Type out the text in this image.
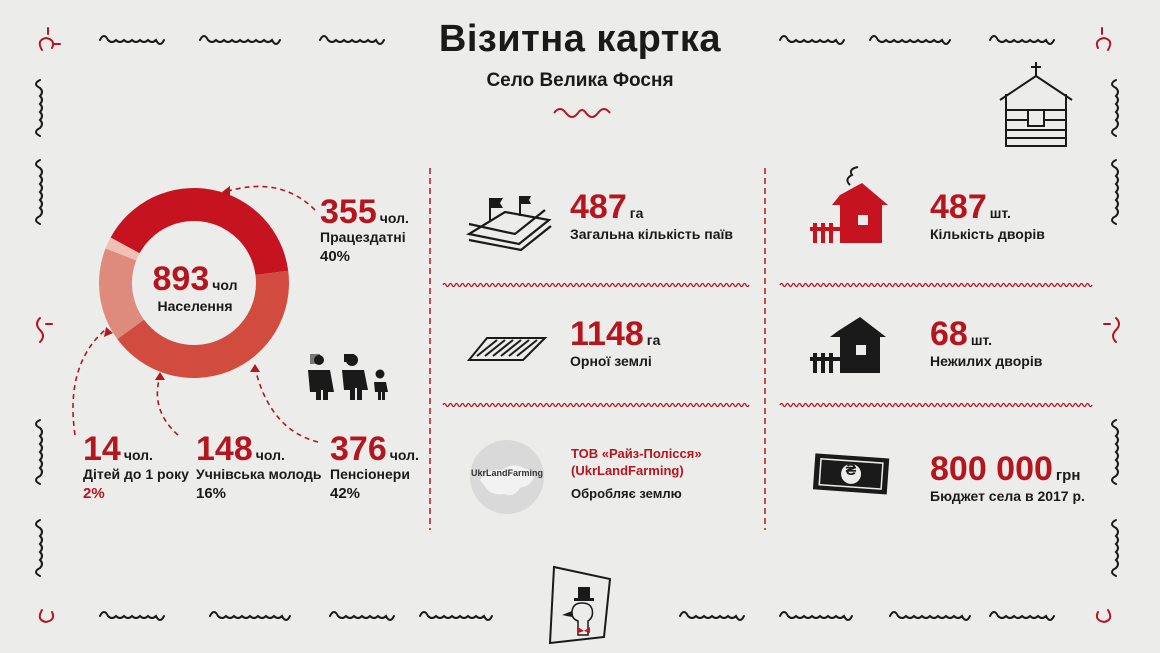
Візитна картка
Село Велика Фосня
893 чол
Населення
355 чол.
Працездатні
40%
14 чол.
Дітей до 1 року
2%
148 чол.
Учнівська молодь
16%
376 чол.
Пенсіонери
42%
487 га
Загальна кількість паїв
1148 га
Орної землі
UkrLandFarming
ТОВ «Райз-Полісся»
(UkrLandFarming)
Обробляє землю
487 шт.
Кількість дворів
68 шт.
Нежилих дворів
₴ 800 000 грн
Бюджет села в 2017 р.
